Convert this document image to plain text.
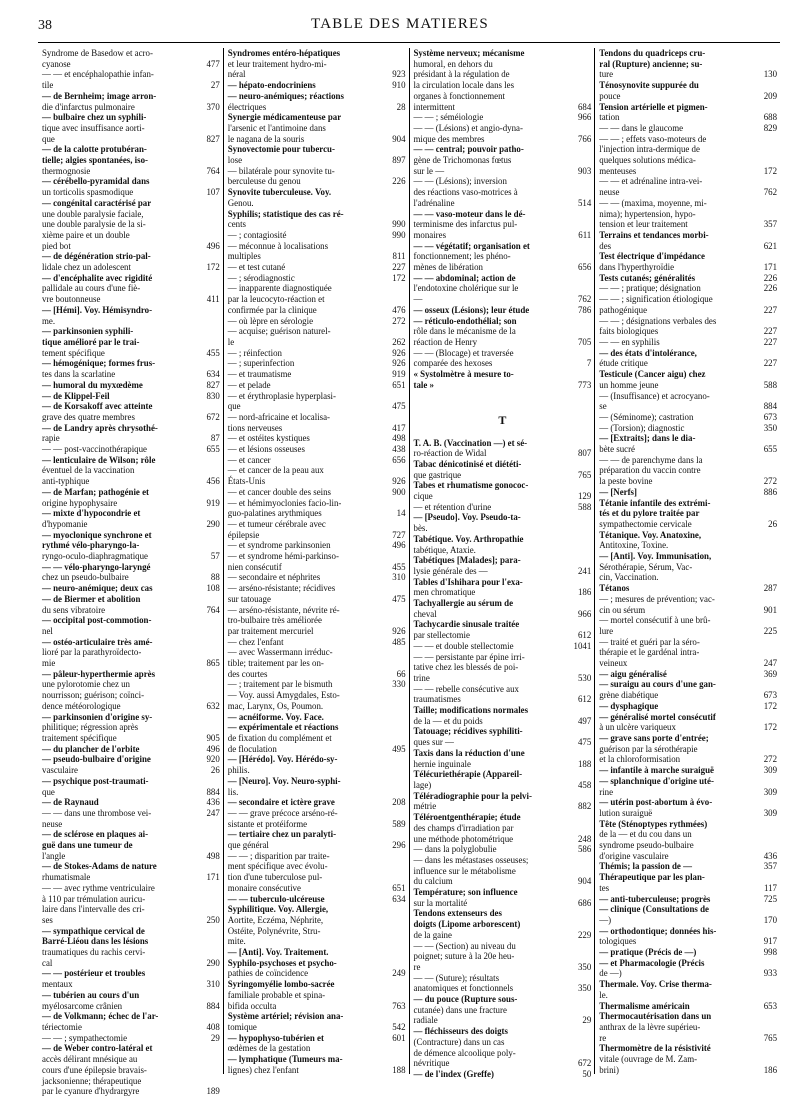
38	TABLE DES MATIERES
Syndrome de Basedow et acro-
cyanose	477
— — et encéphalopathie infan-
tile	27
— de Bernheim; image arron-
die d'infarctus pulmonaire	370
— bulbaire chez un syphili-
tique avec insuffisance aorti-
que	827
— de la calotte protubéran-
tielle; algies spontanées, iso-
thermognosie	764
— cérébello-pyramidal dans
un torticolis spasmodique	107
— congénital caractérisé par
une double paralysie faciale,
une double paralysie de la si-
xième paire et un double
pied bot	496
— de dégénération strio-pal-
lidale chez un adolescent	172
— d'encéphalite avec rigidité
pallidale au cours d'une fiè-
vre boutonneuse	411
— [Hémi]. Voy. Hémisyndro-
me.
— parkinsonien syphili-
tique amélioré par le trai-
tement spécifique	455
— hémogénique; formes frus-
tes dans la scarlatine	634
— humoral du myxœdème	827
— de Klippel-Feil	830
— de Korsakoff avec atteinte
grave des quatre membres	672
— de Landry après chrysothé-
rapie	87
— — post-vaccinothérapique	655
— lenticulaire de Wilson; rôle
éventuel de la vaccination
anti-typhique	456
— de Marfan; pathogénie et
origine hypophysaire	919
— mixte d'hypocondrie et
d'hypomanie	290
— myoclonique synchrone et
rythmé vélo-pharyngo-la-
ryngo-oculo-diaphragmatique	57
— — vélo-pharyngo-laryngé
chez un pseudo-bulbaire	88
— neuro-anémique; deux cas	108
— de Biermer et abolition
du sens vibratoire	764
— occipital post-commotion-
nel
— ostéo-articulaire très amé-
lioré par la parathyroïdecto-
mie	865
— pâleur-hyperthermie après
une pylorotomie chez un
nourrisson; guérison; coïnci-
dence météorologique	632
— parkinsonien d'origine sy-
philitique; régression après
traitement spécifique	905
— du plancher de l'orbite	496
— pseudo-bulbaire d'origine	920
vasculaire	26
— psychique post-traumati-
que	884
— de Raynaud	436
— — dans une thrombose vei-	247
neuse
— de sclérose en plaques ai-
guë dans une tumeur de
l'angle	498
— de Stokes-Adams de nature
rhumatismale	171
— — avec rythme ventriculaire
à 110 par trémulation auricu-
laire dans l'intervalle des cri-
ses	250
— sympathique cervical de
Barré-Liéou dans les lésions
traumatiques du rachis cervi-
cal	290
— — postérieur et troubles
mentaux	310
— tubérien au cours d'un
myélosarcome crânien	884
— de Volkmann; échec de l'ar-
tériectomie	408
— — ; sympathectomie	29
— de Weber contro-latéral et
accès délirant mnésique au
cours d'une épilepsie bravais-
jacksonienne; thérapeutique
par le cyanure d'hydrargyre	189
Syndromes entéro-hépatiques
et leur traitement hydro-mi-
néral	923
— hépato-endocriniens	910
— neuro-anémiques; réactions
électriques	28
Synergie médicamenteuse par
l'arsenic et l'antimoine dans
le nagana de la souris	904
Synovectomie pour tubercu-
lose	897
— bilatérale pour synovite tu-
berculeuse du genou	226
Synovite tuberculeuse. Voy.
Genou.
Syphilis; statistique des cas ré-
cents	990
— ; contagiosité	990
— méconnue à localisations
multiples	811
— et test cutané	227
— ; sérodiagnostic	172
— inapparente diagnostiquée
par la leucocyto-réaction et
confirmée par la clinique	476
— où lèpre en sérologie	272
— acquise; guérison naturel-
le	262
— ; réinfection	926
— ; superinfection	926
— et traumatisme	919
— et pelade	651
— et érythroplasie hyperplasi-
que	475
— nord-africaine et localisa-
tions nerveuses	417
— et ostéites kystiques	498
— et lésions osseuses	438
— et cancer	656
— et cancer de la peau aux
États-Unis	926
— et cancer double des seins	900
— et hémimyoclonies facio-lin-
guo-palatines arythmiques	14
— et tumeur cérébrale avec
épilepsie	727
— et syndrome parkinsonien	496
— et syndrome hémi-parkinso-
nien consécutif	455
— secondaire et néphrites	310
— arséno-résistante; récidives
sur tatouage	475
— arséno-résistante, névrite ré-
tro-bulbaire très améliorée
par traitement mercuriel	926
— chez l'enfant	485
— avec Wassermann irréduc-
tible; traitement par les on-
des courtes	66
— ; traitement par le bismuth	330
— Voy. aussi Amygdales, Esto-
mac, Larynx, Os, Poumon.
— acnéiforme. Voy. Face.
— expérimentale et réactions
de fixation du complément et
de floculation	495
— [Hérédo]. Voy. Hérédo-sy-
philis.
— [Neuro]. Voy. Neuro-syphi-
lis.
— secondaire et ictère grave	208
— — grave précoce arséno-ré-
sistante et protéiforme	589
— tertiaire chez un paralyti-
que général	296
— — ; disparition par traite-
ment spécifique avec évolu-
tion d'une tuberculose pul-
monaire consécutive	651
— — tuberculo-ulcéreuse	634
Syphilitique. Voy. Allergie,
Aortite, Eczéma, Néphrite,
Ostéite, Polynévrite, Stru-
mite.
— [Anti]. Voy. Traitement.
Syphilo-psychoses et psycho-
pathies de coïncidence	249
Syringomyélie lombo-sacrée
familiale probable et spina-
bifida occulta	763
Système artériel; révision ana-
tomique	542
— hypophyso-tubérien et	601
œdèmes de la gestation
— lymphatique (Tumeurs ma-
lignes) chez l'enfant	188
Système nerveux; mécanisme
humoral, en dehors du
présidant à la régulation de
la circulation locale dans les
organes à fonctionnement
intermittent	684
— — ; séméiologie	966
— — (Lésions) et angio-dyna-
mique des membres	766
— — central; pouvoir patho-
gène de Trichomonas fœtus
sur le —	903
— — (Lésions); inversion
des réactions vaso-motrices à
l'adrénaline	514
— — vaso-moteur dans le dé-
terminisme des infarctus pul-
monaires	611
— — végétatif; organisation et
fonctionnement; les phéno-
mènes de libération	656
— — abdominal; action de
l'endotoxine cholérique sur le
—	762
— osseux (Lésions); leur étude	786
— réticulo-endothélial; son
rôle dans le mécanisme de la
réaction de Henry	705
— — (Blocage) et traversée
comparée des hexoses	7
« Systolmètre à mesure to-
tale »	773
T
T. A. B. (Vaccination —) et sé-
ro-réaction de Widal	807
Tabac dénicotinisé et diététi-
que gastrique	765
Tabes et rhumatisme gonococ-
cique	129
— et rétention d'urine	588
— [Pseudo]. Voy. Pseudo-ta-
bès.
Tabétique. Voy. Arthropathie
tabétique, Ataxie.
Tabétiques [Malades]; para-
lysie générale des —	241
Tables d'Ishihara pour l'exa-
men chromatique	186
Tachyallergie au sérum de
cheval	966
Tachycardie sinusale traitée
par stellectomie	612
— — et double stellectomie	1041
— — persistante par épine irri-
tative chez les blessés de poi-
trine	530
— — rebelle consécutive aux
traumatismes	612
Taille; modifications normales
de la — et du poids	497
Tatouage; récidives syphiliti-
ques sur —	475
Taxis dans la réduction d'une
hernie inguinale	188
Télécuriethérapie (Appareil-
lage)	458
Téléradiographie pour la pelvi-
métrie	882
Téléroentgenthérapie; étude
des champs d'irradiation par
une méthode photométrique	248
— dans la polyglobulie	586
— dans les métastases osseuses;
influence sur le métabolisme
du calcium	904
Température; son influence
sur la mortalité	686
Tendons extenseurs des
doigts (Lipome arborescent)
de la gaine	229
— — (Section) au niveau du
poignet; suture à la 20e heu-
re	350
— — (Suture); résultats
anatomiques et fonctionnels	350
— du pouce (Rupture sous-
cutanée) dans une fracture
radiale	29
— fléchisseurs des doigts
(Contracture) dans un cas
de démence alcoolique poly-
névritique	672
— de l'index (Greffe)	50
Tendons du quadriceps cru-
ral (Rupture) ancienne; su-
ture	130
Ténosynovite suppurée du
pouce	209
Tension artérielle et pigmen-
tation	688
— — dans le glaucome	829
— — ; effets vaso-moteurs de
l'injection intra-dermique de
quelques solutions médica-
menteuses	172
— — et adrénaline intra-vei-
neuse	762
— — (maxima, moyenne, mi-
nima); hypertension, hypo-
tension et leur traitement	357
Terrains et tendances morbi-
des	621
Test électrique d'impédance
dans l'hyperthyroïdie	171
Tests cutanés; généralités	226
— — ; pratique; désignation	226
— — ; signification étiologique
pathogénique	227
— — ; désignations verbales des
faits biologiques	227
— — en syphilis	227
— des états d'intolérance,
étude critique	227
Testicule (Cancer aigu) chez
un homme jeune	588
— (Insuffisance) et acrocyano-
se	884
— (Séminome); castration	673
— (Torsion); diagnostic	350
— [Extraits]; dans le dia-
bète sucré	655
— — de parenchyme dans la
préparation du vaccin contre
la peste bovine	272
— [Nerfs]	886
Tétanie infantile des extrémi-
tés et du pylore traitée par
sympathectomie cervicale	26
Tétanique. Voy. Anatoxine,
Antitoxine, Toxine.
— [Anti]. Voy. Immunisation,
Sérothérapie, Sérum, Vac-
cin, Vaccination.
Tétanos	287
— ; mesures de prévention; vac-
cin ou sérum	901
— mortel consécutif à une brû-
lure	225
— traité et guéri par la séro-
thérapie et le gardénal intra-
veineux	247
— aigu généralisé	369
— suraigu au cours d'une gan-
grène diabétique	673
— dysphagique	172
— généralisé mortel consécutif
à un ulcère variqueux	172
— grave sans porte d'entrée;
guérison par la sérothérapie
et la chloroformisation	272
— infantile à marche suraiguë	309
— splanchnique d'origine uté-
rine	309
— utérin post-abortum à évo-
lution suraiguë	309
Tête (Sténoptypes rythmées)
de la — et du cou dans un
syndrome pseudo-bulbaire
d'origine vasculaire	436
Thémis; la passion de —	357
Thérapeutique par les plan-
tes	117
— anti-tuberculeuse; progrès	725
— clinique (Consultations de
—)	170
— orthodontique; données his-
tologiques	917
— pratique (Précis de —)	998
— et Pharmacologie (Précis
de —)	933
Thermale. Voy. Crise therma-
le.
Thermalisme américain	653
Thermocautérisation dans un
anthrax de la lèvre supérieu-
re	765
Thermomètre de la résistivité
vitale (ouvrage de M. Zam-
brini)	186
